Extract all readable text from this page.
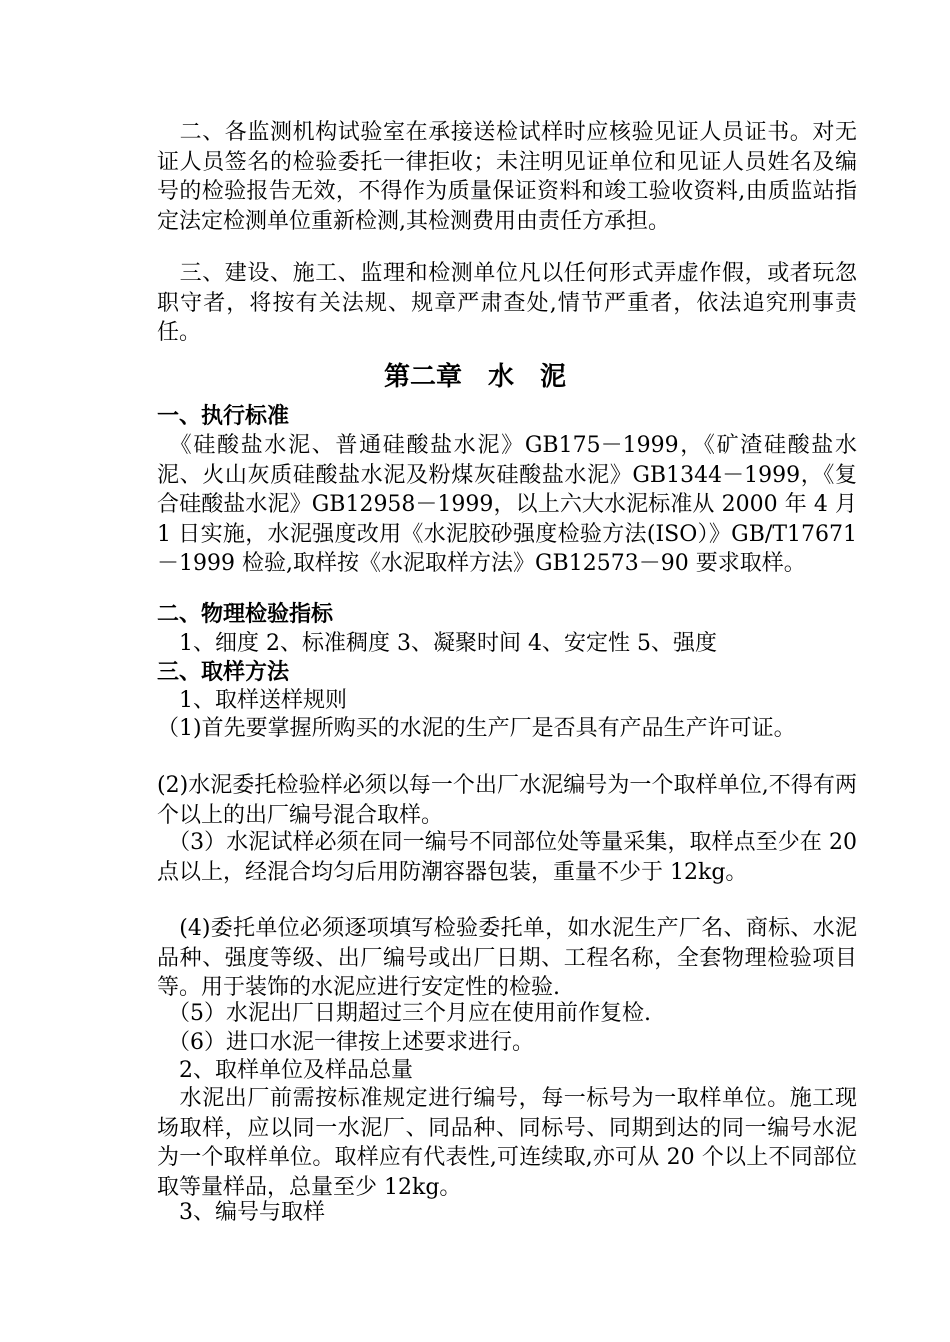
　二、各监测机构试验室在承接送检试样时应核验见证人员证书。对无证人员签名的检验委托一律拒收；未注明见证单位和见证人员姓名及编号的检验报告无效，不得作为质量保证资料和竣工验收资料,由质监站指定法定检测单位重新检测,其检测费用由责任方承担。

　三、建设、施工、监理和检测单位凡以任何形式弄虚作假，或者玩忽职守者，将按有关法规、规章严肃查处,情节严重者，依法追究刑事责任。

第二章　水　泥
一、执行标准

　《硅酸盐水泥、普通硅酸盐水泥》GB175－1999，《矿渣硅酸盐水泥、火山灰质硅酸盐水泥及粉煤灰硅酸盐水泥》GB1344－1999，《复合硅酸盐水泥》GB12958－1999，以上六大水泥标准从 2000 年 4 月 1 日实施，水泥强度改用《水泥胶砂强度检验方法(ISO）》GB/T17671－1999 检验,取样按《水泥取样方法》GB12573－90 要求取样。

二、物理检验指标

　1、细度 2、标准稠度 3、凝聚时间 4、安定性 5、强度

三、取样方法

　1、取样送样规则

（1)首先要掌握所购买的水泥的生产厂是否具有产品生产许可证。

(2)水泥委托检验样必须以每一个出厂水泥编号为一个取样单位,不得有两个以上的出厂编号混合取样。

　（3）水泥试样必须在同一编号不同部位处等量采集，取样点至少在 20 点以上，经混合均匀后用防潮容器包装，重量不少于 12kg。

　(4)委托单位必须逐项填写检验委托单，如水泥生产厂名、商标、水泥品种、强度等级、出厂编号或出厂日期、工程名称，全套物理检验项目等。用于装饰的水泥应进行安定性的检验.

　（5）水泥出厂日期超过三个月应在使用前作复检.

　（6）进口水泥一律按上述要求进行。

　2、取样单位及样品总量

　水泥出厂前需按标准规定进行编号，每一标号为一取样单位。施工现场取样，应以同一水泥厂、同品种、同标号、同期到达的同一编号水泥为一个取样单位。取样应有代表性,可连续取,亦可从 20 个以上不同部位取等量样品，总量至少 12kg。

　3、编号与取样
